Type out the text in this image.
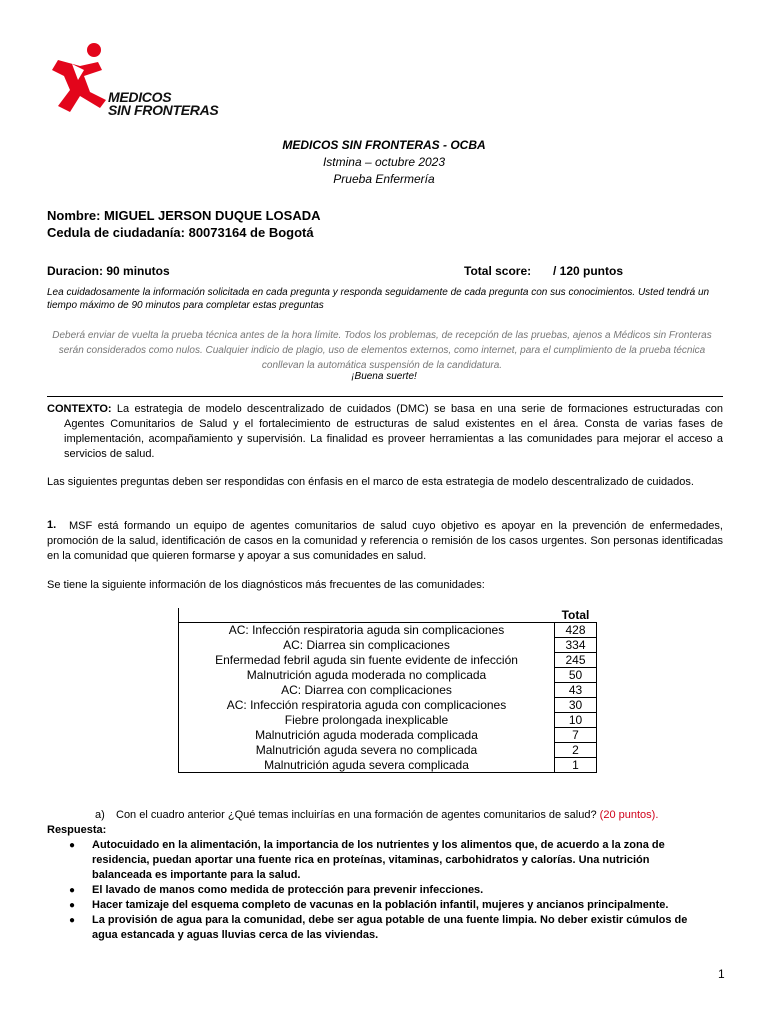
MEDICOS
SIN FRONTERAS
MEDICOS SIN FRONTERAS - OCBA
Istmina – octubre 2023
Prueba Enfermería
Nombre: MIGUEL JERSON DUQUE LOSADA
Cedula de ciudadanía: 80073164 de Bogotá
Duracion: 90 minutos	Total score: / 120 puntos
Lea cuidadosamente la información solicitada en cada pregunta y responda seguidamente de cada pregunta con sus conocimientos. Usted tendrá un tiempo máximo de 90 minutos para completar estas preguntas
Deberá enviar de vuelta la prueba técnica antes de la hora límite. Todos los problemas, de recepción de las pruebas, ajenos a Médicos sin Fronteras serán considerados como nulos. Cualquier indicio de plagio, uso de elementos externos, como internet, para el cumplimiento de la prueba técnica conllevan la automática suspensión de la candidatura.
¡Buena suerte!
CONTEXTO: La estrategia de modelo descentralizado de cuidados (DMC) se basa en una serie de formaciones estructuradas con Agentes Comunitarios de Salud y el fortalecimiento de estructuras de salud existentes en el área. Consta de varias fases de implementación, acompañamiento y supervisión. La finalidad es proveer herramientas a las comunidades para mejorar el acceso a servicios de salud.
Las siguientes preguntas deben ser respondidas con énfasis en el marco de esta estrategia de modelo descentralizado de cuidados.
1.	MSF está formando un equipo de agentes comunitarios de salud cuyo objetivo es apoyar en la prevención de enfermedades, promoción de la salud, identificación de casos en la comunidad y referencia o remisión de los casos urgentes. Son personas identificadas en la comunidad que quieren formarse y apoyar a sus comunidades en salud.
Se tiene la siguiente información de los diagnósticos más frecuentes de las comunidades:
	Total
AC: Infección respiratoria aguda sin complicaciones	428
AC: Diarrea sin complicaciones	334
Enfermedad febril aguda sin fuente evidente de infección	245
Malnutrición aguda moderada no complicada	50
AC: Diarrea con complicaciones	43
AC: Infección respiratoria aguda con complicaciones	30
Fiebre prolongada inexplicable	10
Malnutrición aguda moderada complicada	7
Malnutrición aguda severa no complicada	2
Malnutrición aguda severa complicada	1
a) Con el cuadro anterior ¿Qué temas incluirías en una formación de agentes comunitarios de salud? (20 puntos).
Respuesta:
● Autocuidado en la alimentación, la importancia de los nutrientes y los alimentos que, de acuerdo a la zona de residencia, puedan aportar una fuente rica en proteínas, vitaminas, carbohidratos y calorías. Una nutrición balanceada es importante para la salud.
● El lavado de manos como medida de protección para prevenir infecciones.
● Hacer tamizaje del esquema completo de vacunas en la población infantil, mujeres y ancianos principalmente.
● La provisión de agua para la comunidad, debe ser agua potable de una fuente limpia. No deber existir cúmulos de agua estancada y aguas lluvias cerca de las viviendas.
1
